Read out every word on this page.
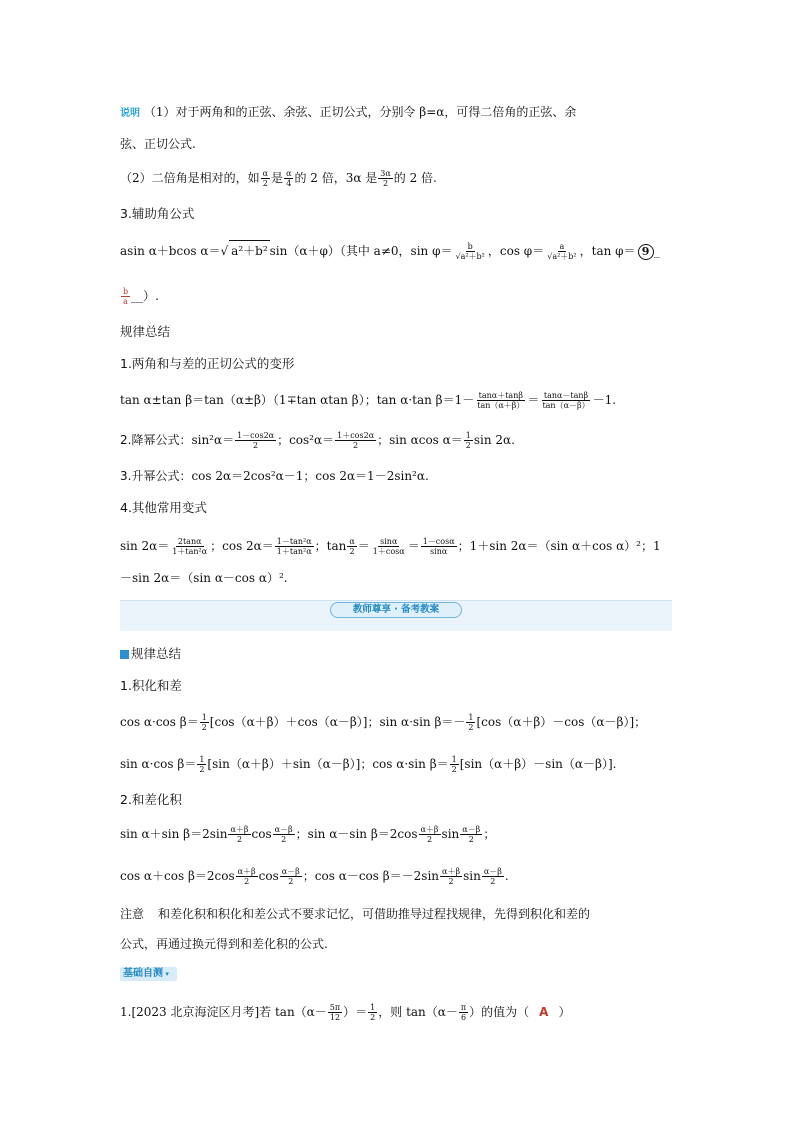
说明 （1）对于两角和的正弦、余弦、正切公式，分别令 β=α，可得二倍角的正弦、余
弦、正切公式.
（2）二倍角是相对的，如 $\frac{\alpha}{2}$ 是 $\frac{\alpha}{4}$ 的 2 倍，3α 是 $\frac{3\alpha}{2}$ 的 2 倍.
3.辅助角公式
asin α＋bcos α＝√ a²＋b² sin（α＋φ）（其中 a≠0，$\sin \varphi= \frac{b}{\text{√a²＋b²}}$ ，$\cos \varphi= \frac{a}{\text{√a²＋b²}}$ ，tan φ＝ 9 _
$\frac{b}{a}$ __）.
规律总结
1.两角和与差的正切公式的变形
tan α±tan β＝tan（α±β）（1∓tan αtan β）；tan α·tan $\beta=1- \frac{\tan\alpha+\tan\beta}{\tan(\alpha+\beta)} = \frac{\tan\alpha-\tan\beta}{\tan(\alpha-\beta)} -1$.
2.降幂公式：$\sin^2\alpha= \frac{1-\cos 2\alpha}{2}$ ；$\cos^2\alpha= \frac{1+\cos 2\alpha}{2}$ ；sin αcos $\alpha= \frac{1}{2}$ sin 2α.
3.升幂公式：cos 2α＝2cos²α－1；cos 2α＝1－2sin²α.
4.其他常用变式
$\sin 2\alpha= \frac{2\tan\alpha}{\text{1＋tan²α}}$ ；$\cos 2\alpha= \frac{\text{1－tan²α}}{\text{1＋tan²α}}$ ；$\tan \frac{\alpha}{2} = \frac{\sin\alpha}{1+\cos\alpha} = \frac{1-\cos\alpha}{\sin\alpha}$ ；1＋sin 2α＝（sin α＋cos α）²；1
－sin 2α＝（sin α－cos α）².
教师尊享 · 备考教案
规律总结
1.积化和差
cos α·cos $\beta= \frac{1}{2} [\cos(\alpha+\beta)+\cos(\alpha-\beta)]$；sin α·sin $\beta=- \frac{1}{2} [\cos(\alpha+\beta)-\cos(\alpha-\beta)]$；
sin α·cos $\beta= \frac{1}{2} [\sin(\alpha+\beta)+\sin(\alpha-\beta)]$；cos α·sin $\beta= \frac{1}{2} [\sin(\alpha+\beta)-\sin(\alpha-\beta)]$.
2.和差化积
sin α＋sin $\beta=2\sin \frac{\alpha+\beta}{2}$ $\cos \frac{\alpha-\beta}{2}$ ；sin α－sin $\beta=2\cos \frac{\alpha+\beta}{2}$ $\sin \frac{\alpha-\beta}{2}$ ；
cos α＋cos $\beta=2\cos \frac{\alpha+\beta}{2}$ $\cos \frac{\alpha-\beta}{2}$ ；cos α－cos $\beta=-2\sin \frac{\alpha+\beta}{2}$ $\sin \frac{\alpha-\beta}{2}$ .
注意 和差化积和积化和差公式不要求记忆，可借助推导过程找规律，先得到积化和差的
公式，再通过换元得到和差化积的公式.
基础自测 ▾
1.[2023 北京海淀区月考]若 $\tan(\alpha- \frac{5\pi}{12}$ ）＝ $\frac{1}{2}$ ，则 $\tan(\alpha- \frac{\pi}{6}$ ）的值为（ A ）
